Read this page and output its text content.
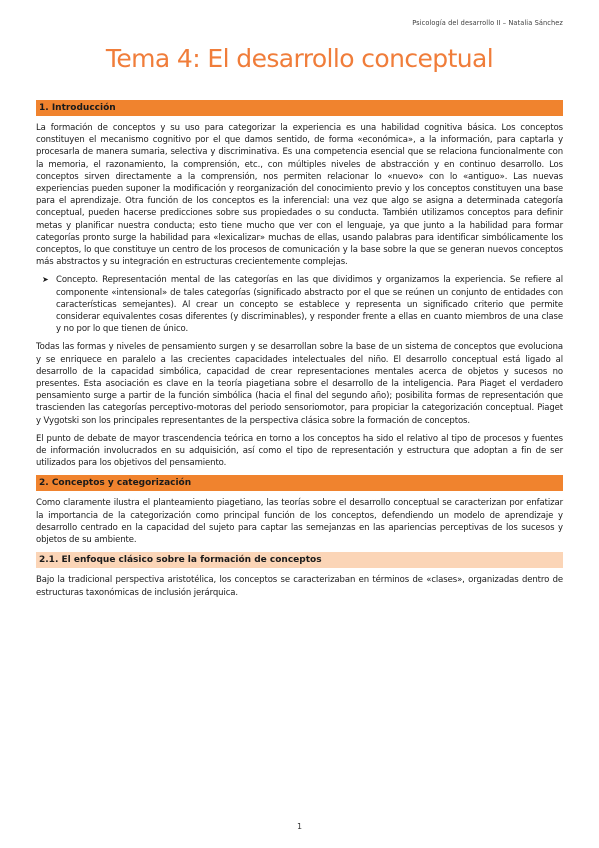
Psicología del desarrollo II – Natalia Sánchez
Tema 4: El desarrollo conceptual
1. Introducción

La formación de conceptos y su uso para categorizar la experiencia es una habilidad cognitiva básica. Los conceptos constituyen el mecanismo cognitivo por el que damos sentido, de forma «económica», a la información, para captarla y procesarla de manera sumaria, selectiva y discriminativa. Es una competencia esencial que se relaciona funcionalmente con la memoria, el razonamiento, la comprensión, etc., con múltiples niveles de abstracción y en continuo desarrollo. Los conceptos sirven directamente a la comprensión, nos permiten relacionar lo «nuevo» con lo «antiguo». Las nuevas experiencias pueden suponer la modificación y reorganización del conocimiento previo y los conceptos constituyen una base para el aprendizaje. Otra función de los conceptos es la inferencial: una vez que algo se asigna a determinada categoría conceptual, pueden hacerse predicciones sobre sus propiedades o su conducta. También utilizamos conceptos para definir metas y planificar nuestra conducta; esto tiene mucho que ver con el lenguaje, ya que junto a la habilidad para formar categorías pronto surge la habilidad para «lexicalizar» muchas de ellas, usando palabras para identificar simbólicamente los conceptos, lo que constituye un centro de los procesos de comunicación y la base sobre la que se generan nuevos conceptos más abstractos y su integración en estructuras crecientemente complejas.

➤ Concepto. Representación mental de las categorías en las que dividimos y organizamos la experiencia. Se refiere al componente «intensional» de tales categorías (significado abstracto por el que se reúnen un conjunto de entidades con características semejantes). Al crear un concepto se establece y representa un significado criterio que permite considerar equivalentes cosas diferentes (y discriminables), y responder frente a ellas en cuanto miembros de una clase y no por lo que tienen de único.

Todas las formas y niveles de pensamiento surgen y se desarrollan sobre la base de un sistema de conceptos que evoluciona y se enriquece en paralelo a las crecientes capacidades intelectuales del niño. El desarrollo conceptual está ligado al desarrollo de la capacidad simbólica, capacidad de crear representaciones mentales acerca de objetos y sucesos no presentes. Esta asociación es clave en la teoría piagetiana sobre el desarrollo de la inteligencia. Para Piaget el verdadero pensamiento surge a partir de la función simbólica (hacia el final del segundo año); posibilita formas de representación que trascienden las categorías perceptivo-motoras del periodo sensoriomotor, para propiciar la categorización conceptual. Piaget y Vygotski son los principales representantes de la perspectiva clásica sobre la formación de conceptos.

El punto de debate de mayor trascendencia teórica en torno a los conceptos ha sido el relativo al tipo de procesos y fuentes de información involucrados en su adquisición, así como el tipo de representación y estructura que adoptan a fin de ser utilizados para los objetivos del pensamiento.

2. Conceptos y categorización

Como claramente ilustra el planteamiento piagetiano, las teorías sobre el desarrollo conceptual se caracterizan por enfatizar la importancia de la categorización como principal función de los conceptos, defendiendo un modelo de aprendizaje y desarrollo centrado en la capacidad del sujeto para captar las semejanzas en las apariencias perceptivas de los sucesos y objetos de su ambiente.

2.1. El enfoque clásico sobre la formación de conceptos

Bajo la tradicional perspectiva aristotélica, los conceptos se caracterizaban en términos de «clases», organizadas dentro de estructuras taxonómicas de inclusión jerárquica.

1
